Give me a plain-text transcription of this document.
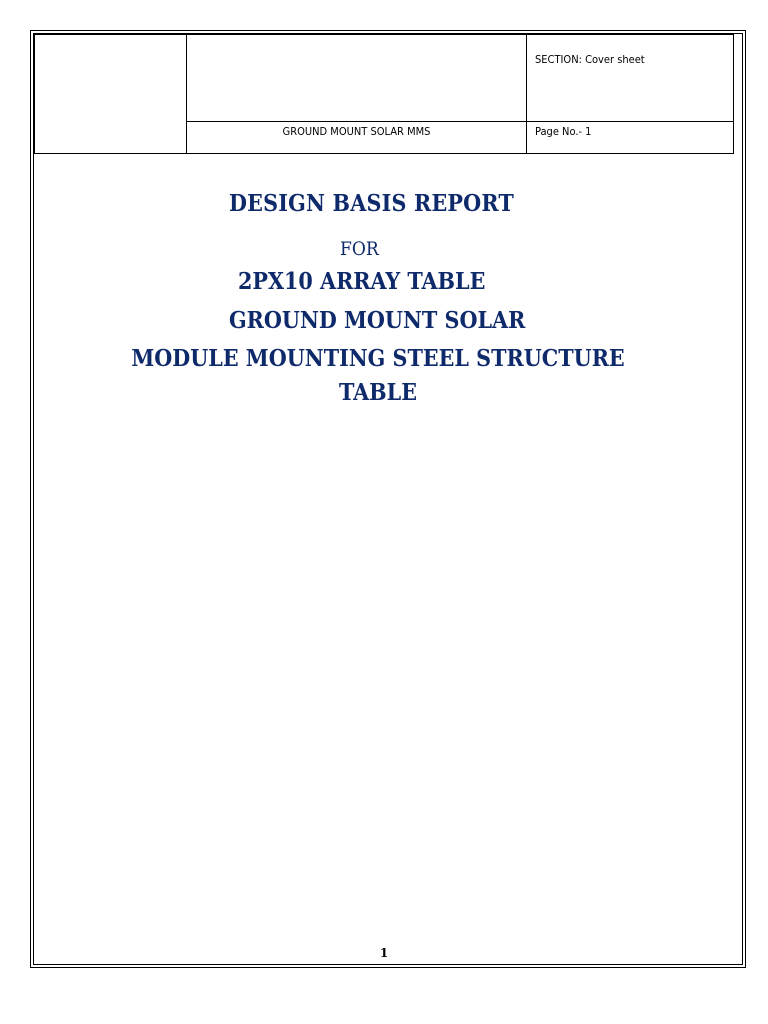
		SECTION: Cover sheet
	GROUND MOUNT SOLAR MMS	Page No.- 1
DESIGN BASIS REPORT
FOR
2PX10 ARRAY TABLE
GROUND MOUNT SOLAR
MODULE MOUNTING STEEL STRUCTURE
TABLE
1
